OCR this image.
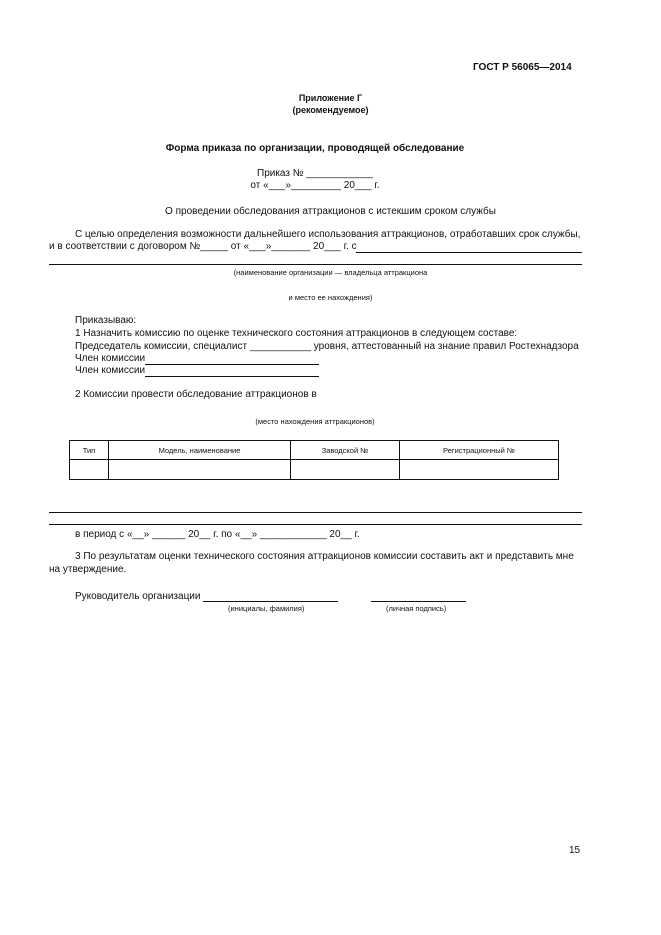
ГОСТ Р 56065—2014
Приложение Г
(рекомендуемое)
Форма приказа по организации, проводящей обследование
Приказ № ____________
от «___»_________ 20___ г.
О проведении обследования аттракционов с истекшим сроком службы
С целью определения возможности дальнейшего использования аттракционов, отработавших срок службы,
и в соответствии с договором №_____ от «___»_______ 20___ г. с
(наименование организации — владельца аттракциона
и место ее нахождения)
Приказываю:
1 Назначить комиссию по оценке технического состояния аттракционов в следующем составе:
Председатель комиссии, специалист ___________ уровня, аттестованный на знание правил Ростехнадзора
Член комиссии
Член комиссии
2 Комиссии провести обследование аттракционов в
(место нахождения аттракционов)
Тип	Модель, наименование	Заводской №	Регистрационный №

в период с «__» ______ 20__ г. по «__» ____________ 20__ г.
3 По результатам оценки технического состояния аттракционов комиссии составить акт и представить мне
на утверждение.
Руководитель организации
(инициалы, фамилия)	(личная подпись)
15
